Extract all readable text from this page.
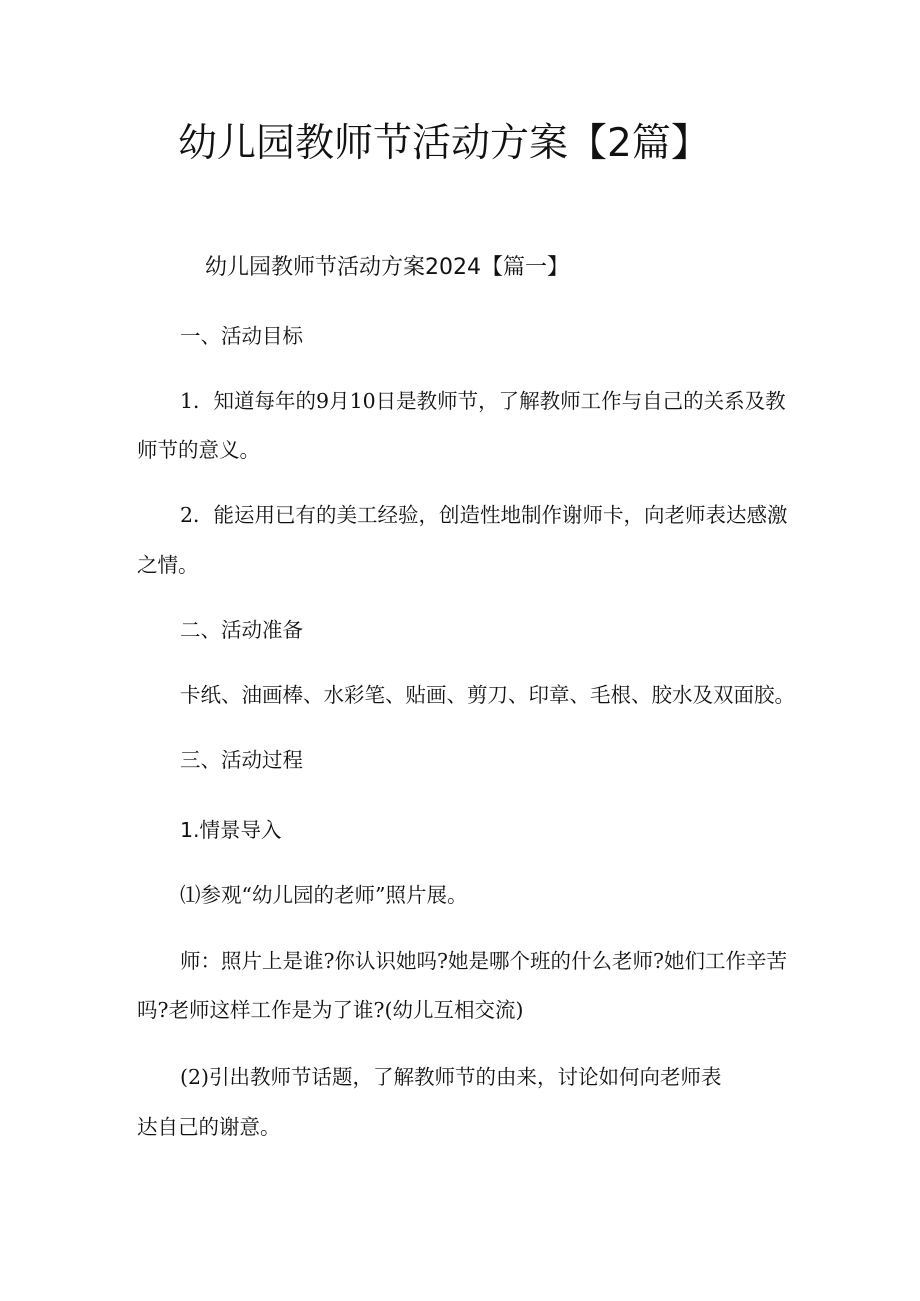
幼儿园教师节活动方案【2篇】
幼儿园教师节活动方案2024【篇一】

一、活动目标

1．知道每年的9月10日是教师节，了解教师工作与自己的关系及教

师节的意义。

2．能运用已有的美工经验，创造性地制作谢师卡，向老师表达感激

之情。

二、活动准备

卡纸、油画棒、水彩笔、贴画、剪刀、印章、毛根、胶水及双面胶。

三、活动过程

1.情景导入

⑴参观“幼儿园的老师”照片展。

师：照片上是谁?你认识她吗?她是哪个班的什么老师?她们工作辛苦

吗?老师这样工作是为了谁?(幼儿互相交流)

(2)引出教师节话题，了解教师节的由来，讨论如何向老师表

达自己的谢意。
